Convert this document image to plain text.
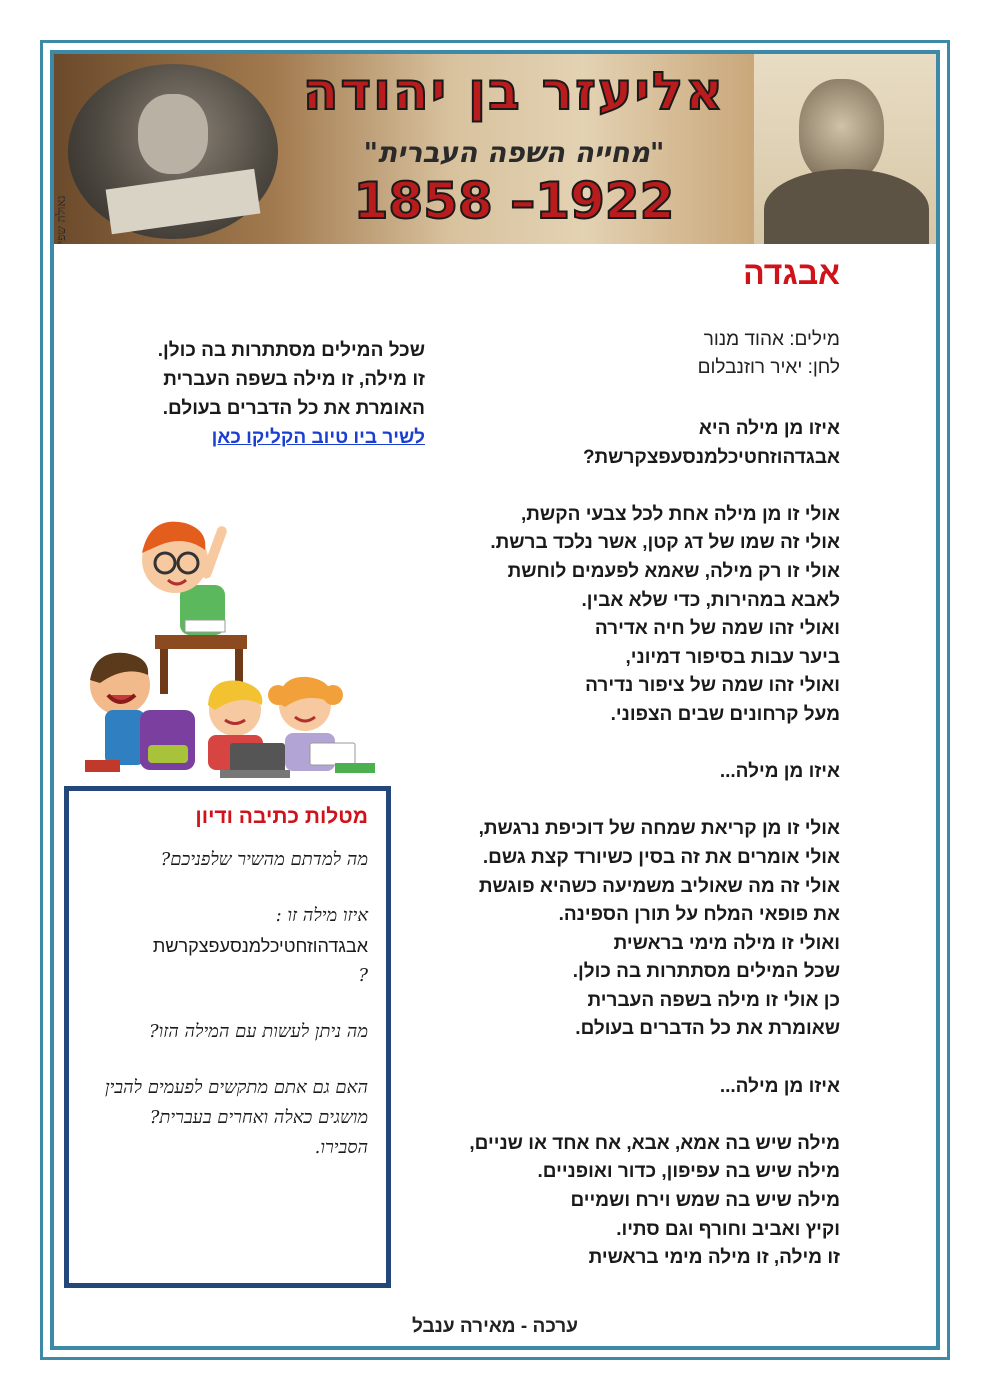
גאולה שפי
אליעזר בן יהודה
"מחייה השפה העברית"
1858 –1922
אבגדה
מילים: אהוד מנור
לחן: יאיר רוזנבלום
איזו מן מילה היא
אבגדהוזחטיכלמנסעפצקרשת?
אולי זו מן מילה אחת לכל צבעי הקשת,
אולי זה שמו של דג קטן, אשר נלכד ברשת.
אולי זו רק מילה, שאמא לפעמים לוחשת
לאבא במהירות, כדי שלא אבין.
ואולי זהו שמה של חיה אדירה
ביער עבות בסיפור דמיוני,
ואולי זהו שמה של ציפור נדירה
מעל קרחונים שבים הצפוני.
איזו מן מילה...
אולי זו מן קריאת שמחה של דוכיפת נרגשת,
אולי אומרים את זה בסין כשיורד קצת גשם.
אולי זה מה שאוליב משמיעה כשהיא פוגשת
את פופאי המלח על תורן הספינה.
ואולי זו מילה מימי בראשית
שכל המילים מסתתרות בה כולן.
כן אולי זו מילה בשפה העברית
שאומרת את כל הדברים בעולם.
איזו מן מילה...
מילה שיש בה אמא, אבא, אח אחד או שניים,
מילה שיש בה עפיפון, כדור ואופניים.
מילה שיש בה שמש וירח ושמיים
וקיץ ואביב וחורף וגם סתיו.
זו מילה, זו מילה מימי בראשית
שכל המילים מסתתרות בה כולן.
זו מילה, זו מילה בשפה העברית
האומרת את כל הדברים בעולם.
לשיר ביו טיוב הקליקו כאן
מטלות כתיבה ודיון
מה למדתם מהשיר שלפניכם?
איזו מילה זו :
אבגדהוזחטיכלמנסעפצקרשת
?
מה ניתן לעשות עם המילה הזו?
האם גם אתם מתקשים לפעמים להבין מושגים כאלה ואחרים בעברית? הסבירו.
ערכה - מאירה ענבל
